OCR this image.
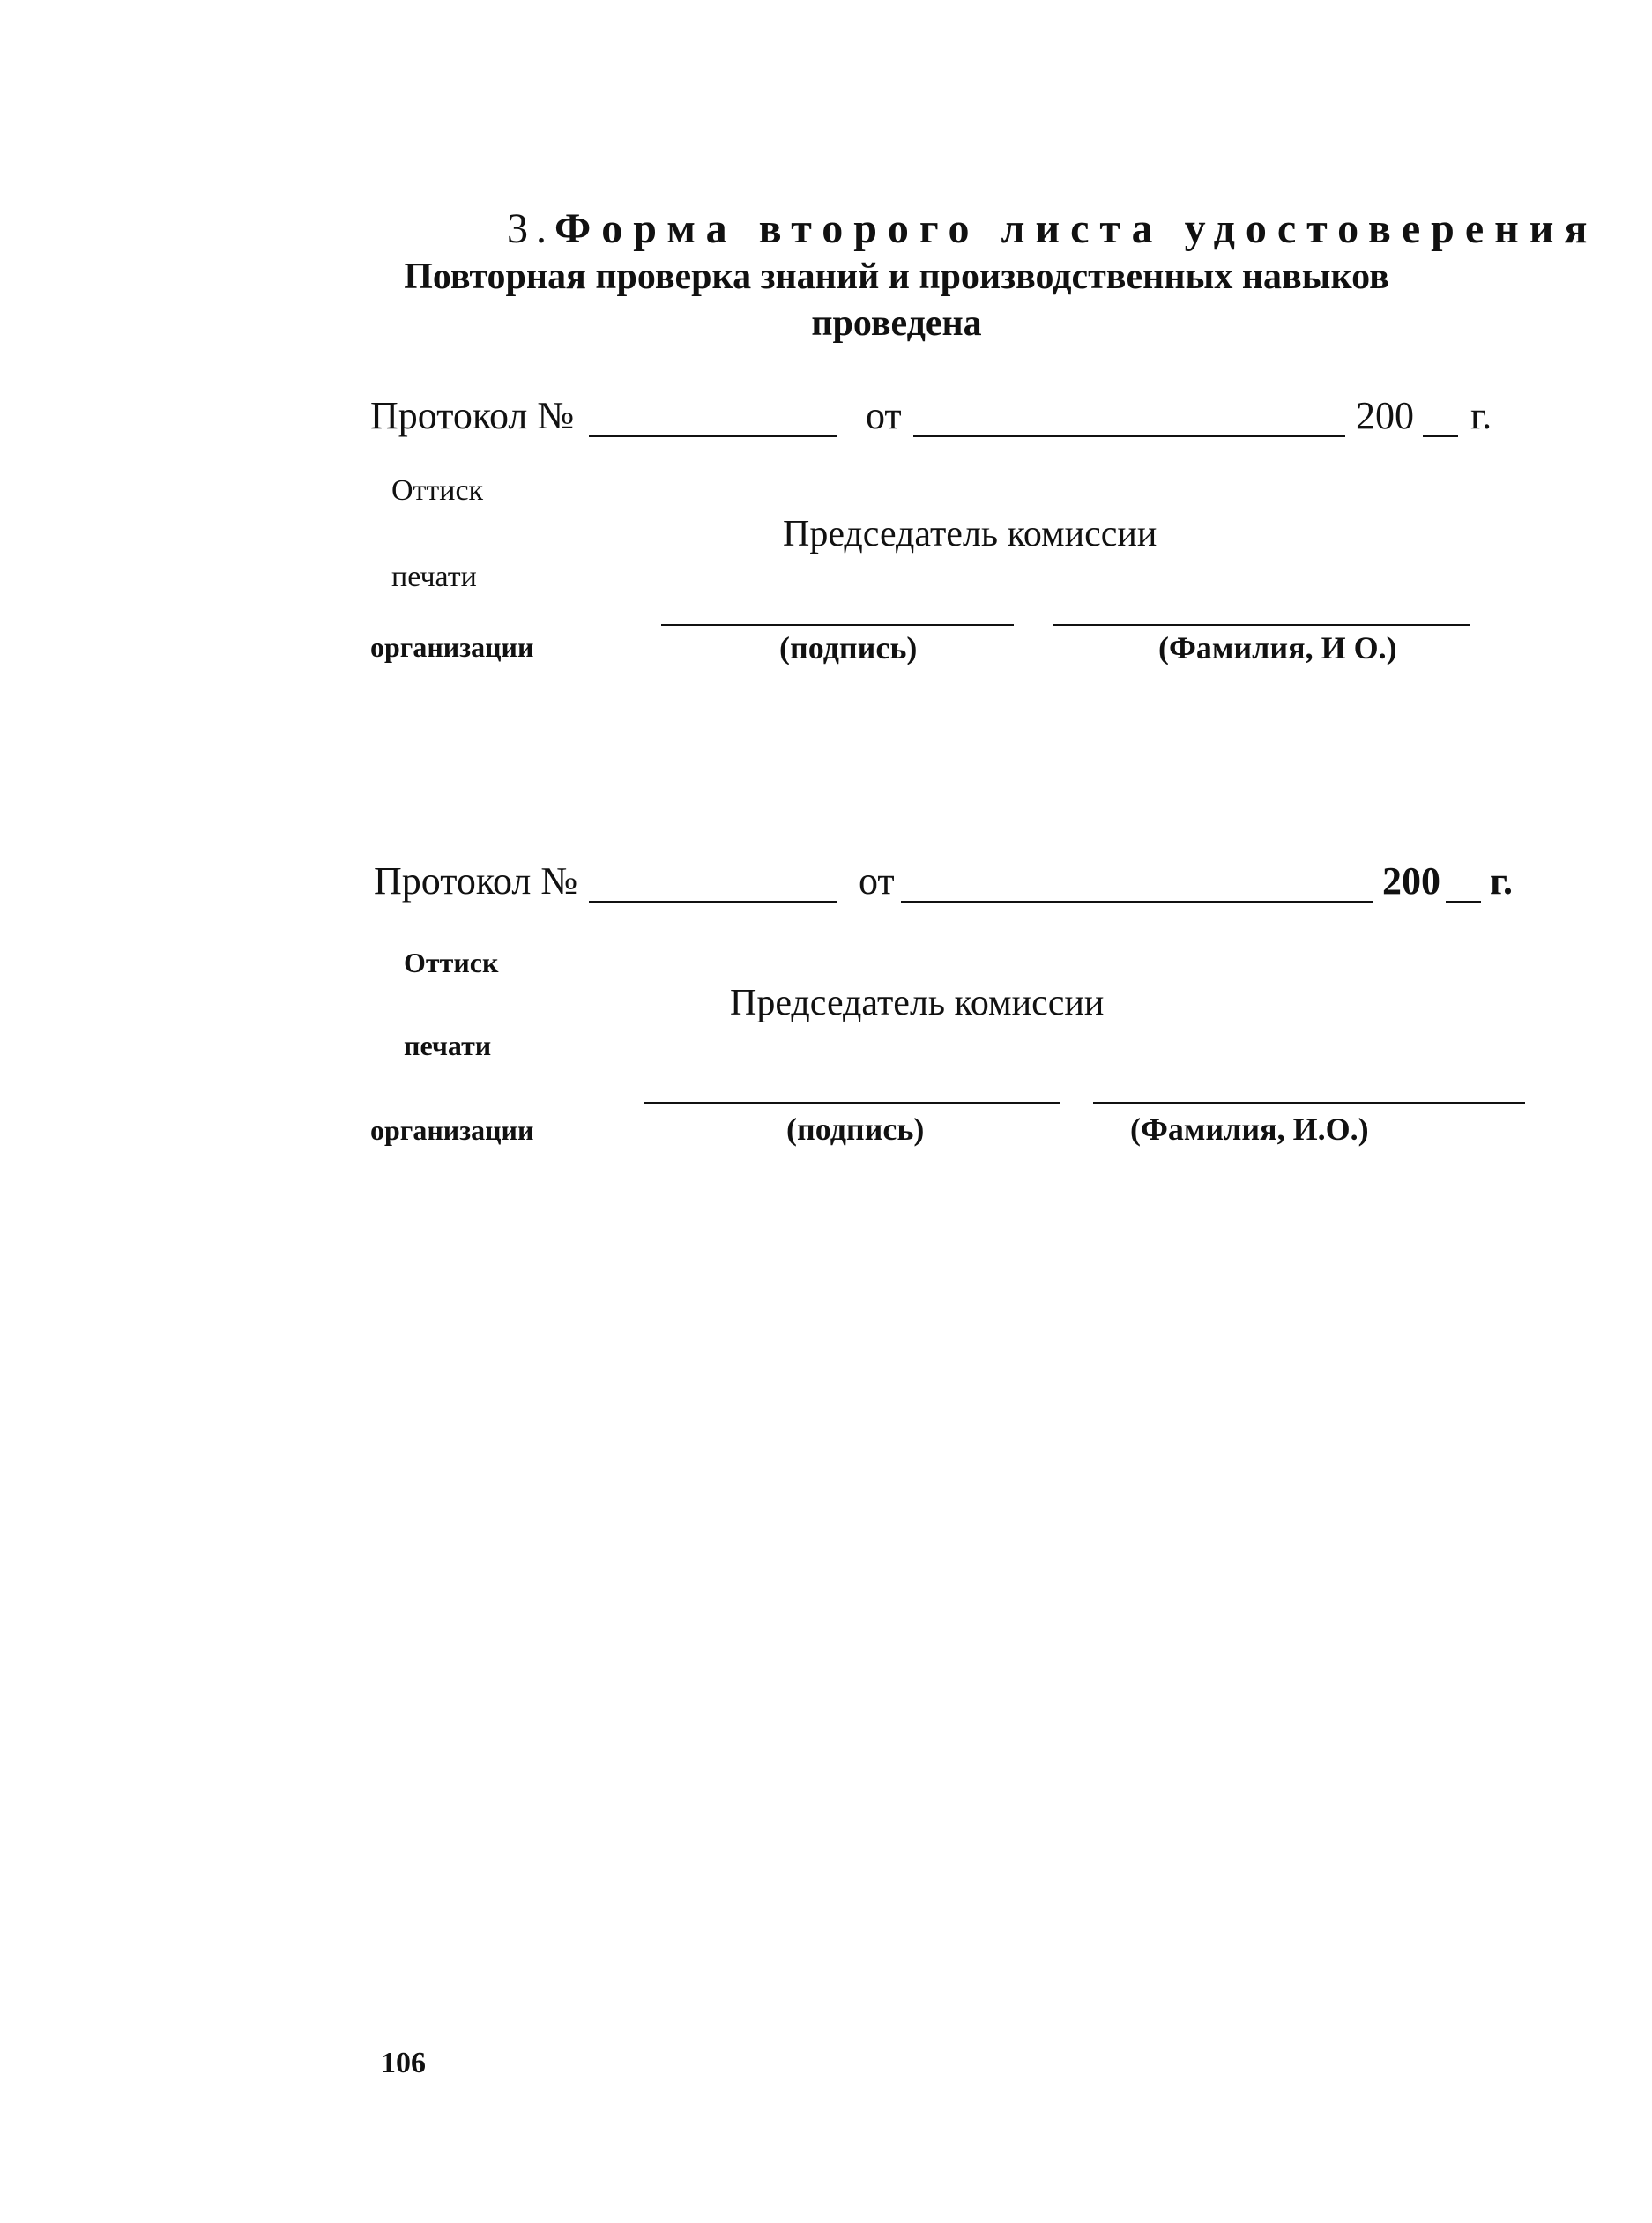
3.Форма второго листа удостоверения
Повторная проверка знаний и производственных навыков
проведена
Протокол №	от	200 г.
Оттиск
Председатель комиссии
печати
организации	(подпись)	(Фамилия, И О.)
Протокол №	от	200 г.
Оттиск
Председатель комиссии
печати
организации	(подпись)	(Фамилия, И.О.)
106
